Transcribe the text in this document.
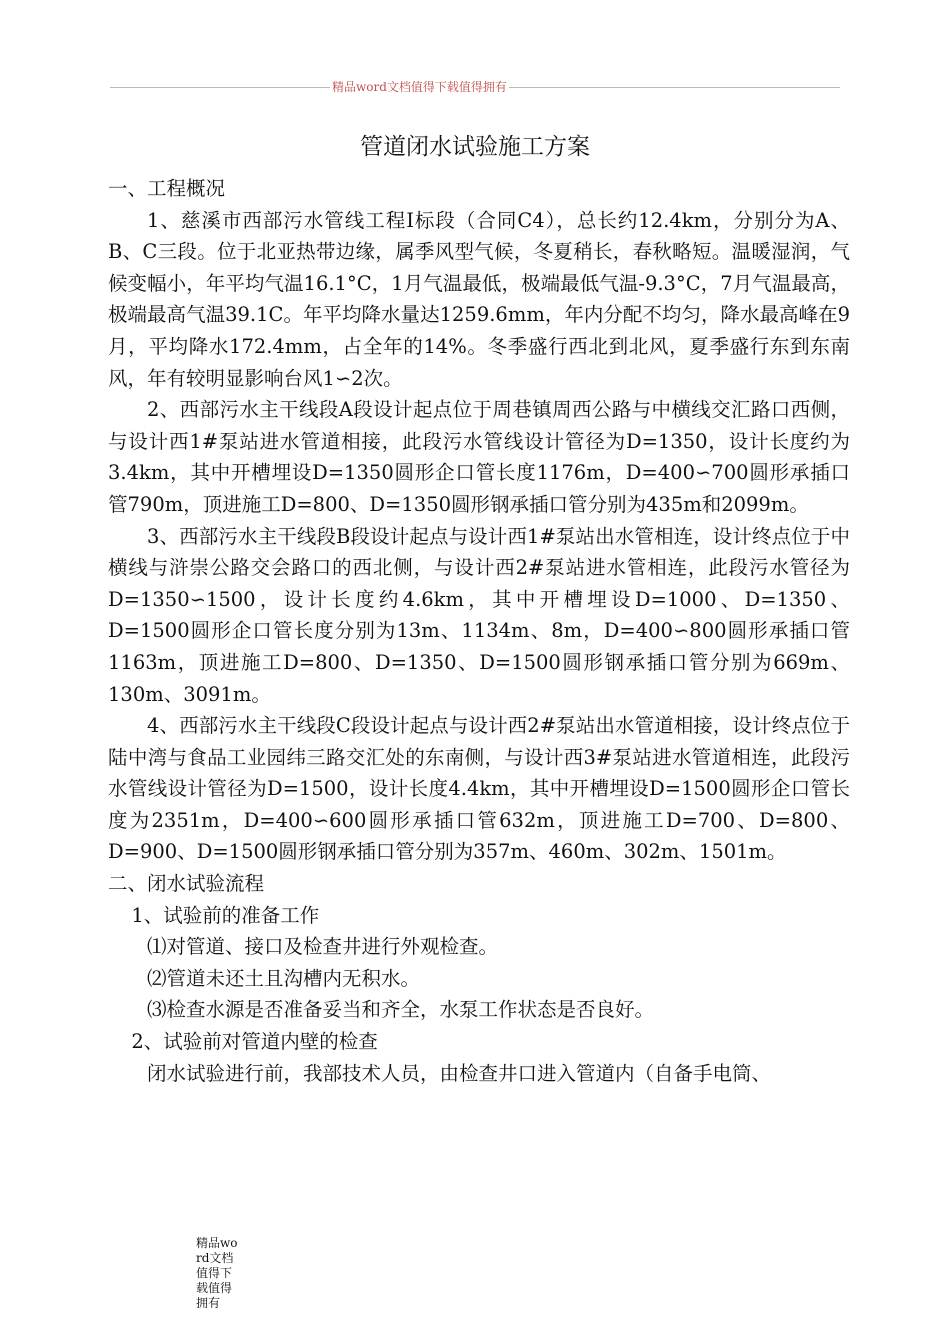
精品word文档值得下载值得拥有
管道闭水试验施工方案

一、工程概况

1、慈溪市西部污水管线工程Ⅰ标段（合同C4），总长约12.4km，分别分为A、B、C三段。位于北亚热带边缘，属季风型气候，冬夏稍长，春秋略短。温暖湿润，气候变幅小，年平均气温16.1°C，1月气温最低，极端最低气温-9.3°C，7月气温最高，极端最高气温39.1C。年平均降水量达1259.6mm，年内分配不均匀，降水最高峰在9月，平均降水172.4mm，占全年的14%。冬季盛行西北到北风，夏季盛行东到东南风，年有较明显影响台风1∽2次。

2、西部污水主干线段A段设计起点位于周巷镇周西公路与中横线交汇路口西侧，与设计西1#泵站进水管道相接，此段污水管线设计管径为D=1350，设计长度约为3.4km，其中开槽埋设D=1350圆形企口管长度1176m，D=400∽700圆形承插口管790m，顶进施工D=800、D=1350圆形钢承插口管分别为435m和2099m。

3、西部污水主干线段B段设计起点与设计西1#泵站出水管相连，设计终点位于中横线与浒崇公路交会路口的西北侧，与设计西2#泵站进水管相连，此段污水管径为D=1350∽1500，设计长度约4.6km，其中开槽埋设D=1000、D=1350、D=1500圆形企口管长度分别为13m、1134m、8m，D=400∽800圆形承插口管1163m，顶进施工D=800、D=1350、D=1500圆形钢承插口管分别为669m、130m、3091m。

4、西部污水主干线段C段设计起点与设计西2#泵站出水管道相接，设计终点位于陆中湾与食品工业园纬三路交汇处的东南侧，与设计西3#泵站进水管道相连，此段污水管线设计管径为D=1500，设计长度4.4km，其中开槽埋设D=1500圆形企口管长度为2351m，D=400∽600圆形承插口管632m，顶进施工D=700、D=800、D=900、D=1500圆形钢承插口管分别为357m、460m、302m、1501m。

二、闭水试验流程

1、试验前的准备工作

⑴对管道、接口及检查井进行外观检查。

⑵管道未还土且沟槽内无积水。

⑶检查水源是否准备妥当和齐全，水泵工作状态是否良好。

2、试验前对管道内壁的检查

闭水试验进行前，我部技术人员，由检查井口进入管道内（自备手电筒、

精品word文档值得下载值得拥有
